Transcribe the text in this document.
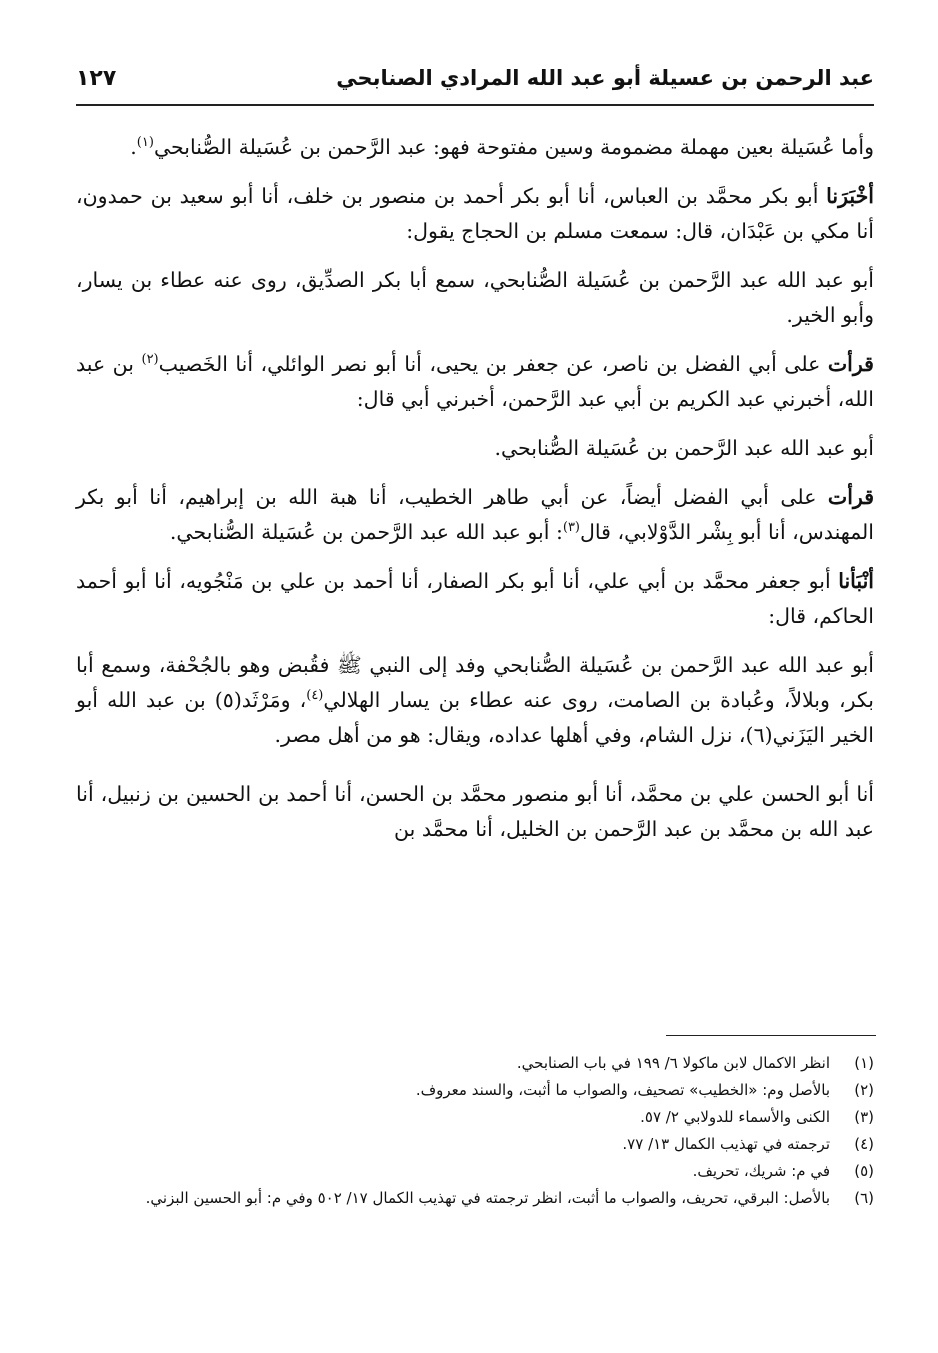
عبد الرحمن بن عسيلة أبو عبد الله المرادي الصنابحي
١٢٧

وأما عُسَيلة بعين مهملة مضمومة وسين مفتوحة فهو: عبد الرَّحمن بن عُسَيلة الصُّنابحي$^{(١)}$.

أخْبَرَنا أبو بكر محمَّد بن العباس، أنا أبو بكر أحمد بن منصور بن خلف، أنا أبو سعيد بن حمدون، أنا مكي بن عَبْدَان، قال: سمعت مسلم بن الحجاج يقول:

أبو عبد الله عبد الرَّحمن بن عُسَيلة الصُّنابحي، سمع أبا بكر الصدِّيق، روى عنه عطاء بن يسار، وأبو الخير.

قرأت على أبي الفضل بن ناصر، عن جعفر بن يحيى، أنا أبو نصر الوائلي، أنا الخَصيب$^{(٢)}$ بن عبد الله، أخبرني عبد الكريم بن أبي عبد الرَّحمن، أخبرني أبي قال:

أبو عبد الله عبد الرَّحمن بن عُسَيلة الصُّنابحي.

قرأت على أبي الفضل أيضاً، عن أبي طاهر الخطيب، أنا هبة الله بن إبراهيم، أنا أبو بكر المهندس، أنا أبو بِشْر الدَّوْلابي، قال$^{(٣)}$: أبو عبد الله عبد الرَّحمن بن عُسَيلة الصُّنابحي.

أنْبَأنا أبو جعفر محمَّد بن أبي علي، أنا أبو بكر الصفار، أنا أحمد بن علي بن مَنْجُويه، أنا أبو أحمد الحاكم، قال:

أبو عبد الله عبد الرَّحمن بن عُسَيلة الصُّنابحي وفد إلى النبي ﷺ فقُبض وهو بالجُحْفة، وسمع أبا بكر، وبلالاً، وعُبادة بن الصامت، روى عنه عطاء بن يسار الهلالي$^{(٤)}$، ومَرْثَد(٥) بن عبد الله أبو الخير اليَزَني(٦)، نزل الشام، وفي أهلها عداده، ويقال: هو من أهل مصر.

أنا أبو الحسن علي بن محمَّد، أنا أبو منصور محمَّد بن الحسن، أنا أحمد بن الحسين بن زنبيل، أنا عبد الله بن محمَّد بن عبد الرَّحمن بن الخليل، أنا محمَّد بن

(١)
انظر الاكمال لابن ماكولا ٦/ ١٩٩ في باب الصنابحي.
(٢)
بالأصل وم: «الخطيب» تصحيف، والصواب ما أثبت، والسند معروف.
(٣)
الكنى والأسماء للدولابي ٢/ ٥٧.
(٤)
ترجمته في تهذيب الكمال ١٣/ ٧٧.
(٥)
في م: شريك، تحريف.
(٦)
بالأصل: البرقي، تحريف، والصواب ما أثبت، انظر ترجمته في تهذيب الكمال ١٧/ ٥٠٢ وفي م: أبو الحسين البزني.
